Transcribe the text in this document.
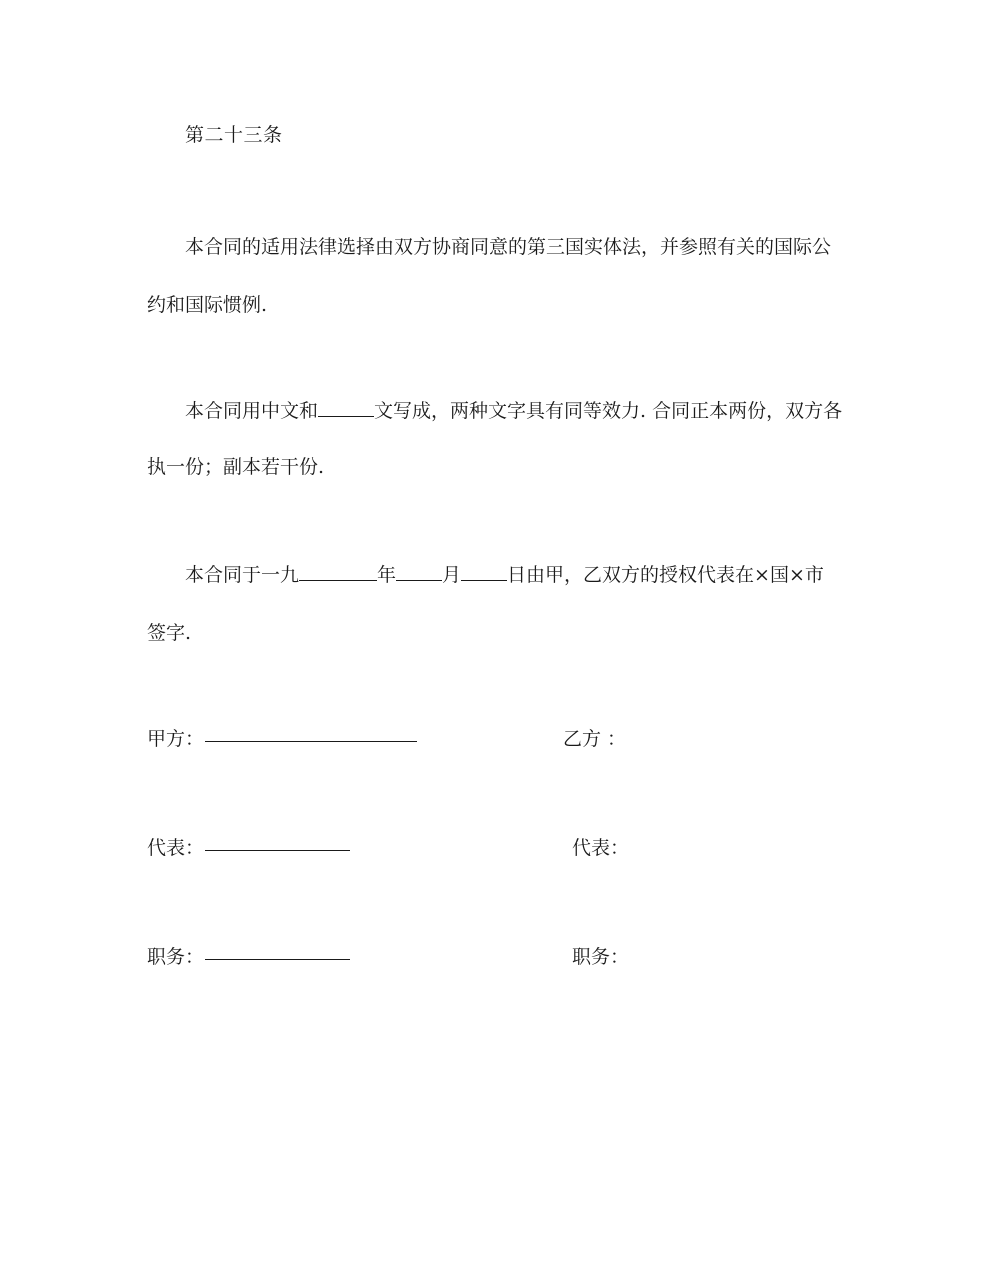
第二十三条
本合同的适用法律选择由双方协商同意的第三国实体法，并参照有关的国际公
约和国际惯例.
本合同用中文和	文写成，两种文字具有同等效力. 合同正本两份，双方各
执一份；副本若干份.
本合同于一九	年 月 日由甲，乙双方的授权代表在×国×市
签字.
甲方：	乙方 ：
代表：	代表：
职务：	职务：
